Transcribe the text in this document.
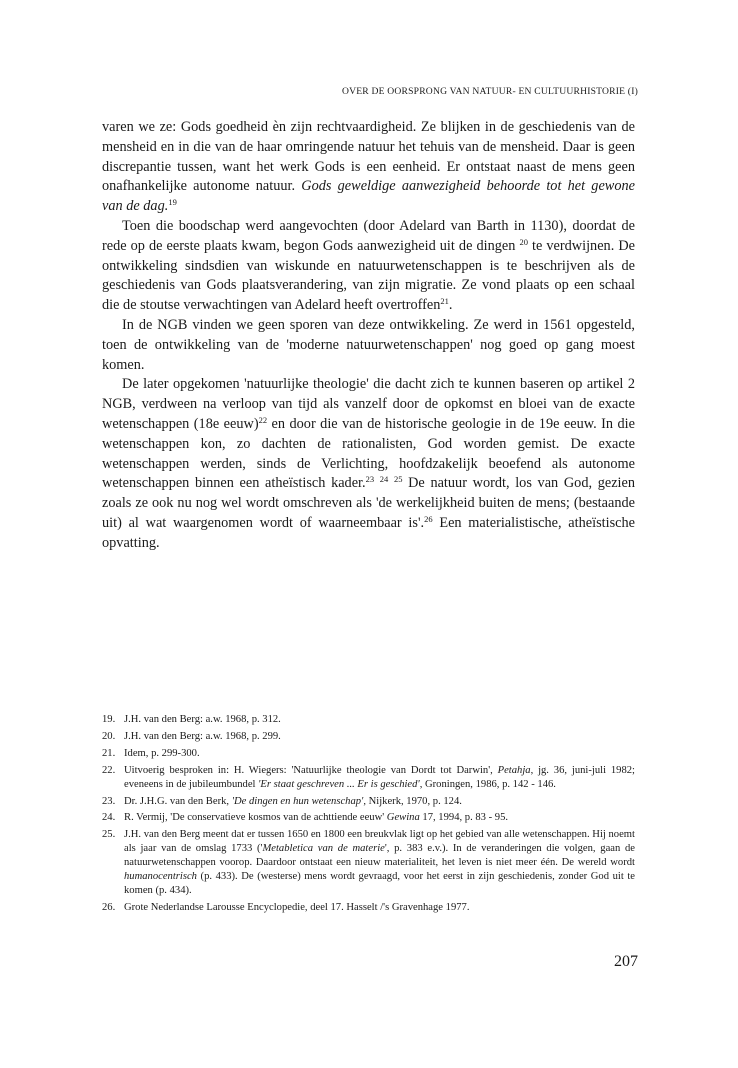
OVER DE OORSPRONG VAN NATUUR- EN CULTUURHISTORIE (I)

varen we ze: Gods goedheid èn zijn rechtvaardigheid. Ze blijken in de geschiedenis van de mensheid en in die van de haar omringende natuur het tehuis van de mensheid. Daar is geen discrepantie tussen, want het werk Gods is een eenheid. Er ontstaat naast de mens geen onafhankelijke autonome natuur. Gods geweldige aanwezigheid behoorde tot het gewone van de dag.$^{19}$

Toen die boodschap werd aangevochten (door Adelard van Barth in 1130), doordat de rede op de eerste plaats kwam, begon Gods aanwezigheid uit de dingen $^{20}$ te verdwijnen. De ontwikkeling sindsdien van wiskunde en natuurwetenschappen is te beschrijven als de geschiedenis van Gods plaatsverandering, van zijn migratie. Ze vond plaats op een schaal die de stoutse verwachtingen van Adelard heeft overtroffen$^{21}$.

In de NGB vinden we geen sporen van deze ontwikkeling. Ze werd in 1561 opgesteld, toen de ontwikkeling van de 'moderne natuurwetenschappen' nog goed op gang moest komen.

De later opgekomen 'natuurlijke theologie' die dacht zich te kunnen baseren op artikel 2 NGB, verdween na verloop van tijd als vanzelf door de opkomst en bloei van de exacte wetenschappen (18e eeuw)$^{22}$ en door die van de historische geologie in de 19e eeuw. In die wetenschappen kon, zo dachten de rationalisten, God worden gemist. De exacte wetenschappen werden, sinds de Verlichting, hoofdzakelijk beoefend als autonome wetenschappen binnen een atheïstisch kader.$^{23}$ $^{24}$ $^{25}$ De natuur wordt, los van God, gezien zoals ze ook nu nog wel wordt omschreven als 'de werkelijkheid buiten de mens; (bestaande uit) al wat waargenomen wordt of waarneembaar is'.$^{26}$ Een materialistische, atheïstische opvatting.

19. J.H. van den Berg: a.w. 1968, p. 312.
20. J.H. van den Berg: a.w. 1968, p. 299.
21. Idem, p. 299-300.
22. Uitvoerig besproken in: H. Wiegers: 'Natuurlijke theologie van Dordt tot Darwin', Petahja, jg. 36, juni-juli 1982; eveneens in de jubileumbundel 'Er staat geschreven ... Er is geschied', Groningen, 1986, p. 142 - 146.
23. Dr. J.H.G. van den Berk, 'De dingen en hun wetenschap', Nijkerk, 1970, p. 124.
24. R. Vermij, 'De conservatieve kosmos van de achttiende eeuw' Gewina 17, 1994, p. 83 - 95.
25. J.H. van den Berg meent dat er tussen 1650 en 1800 een breukvlak ligt op het gebied van alle wetenschappen. Hij noemt als jaar van de omslag 1733 ('Metabletica van de materie', p. 383 e.v.). In de veranderingen die volgen, gaan de natuurwetenschappen voorop. Daardoor ontstaat een nieuw materialiteit, het leven is niet meer één. De wereld wordt humanocentrisch (p. 433). De (westerse) mens wordt gevraagd, voor het eerst in zijn geschiedenis, zonder God uit te komen (p. 434).
26. Grote Nederlandse Larousse Encyclopedie, deel 17. Hasselt /'s Gravenhage 1977.
207
